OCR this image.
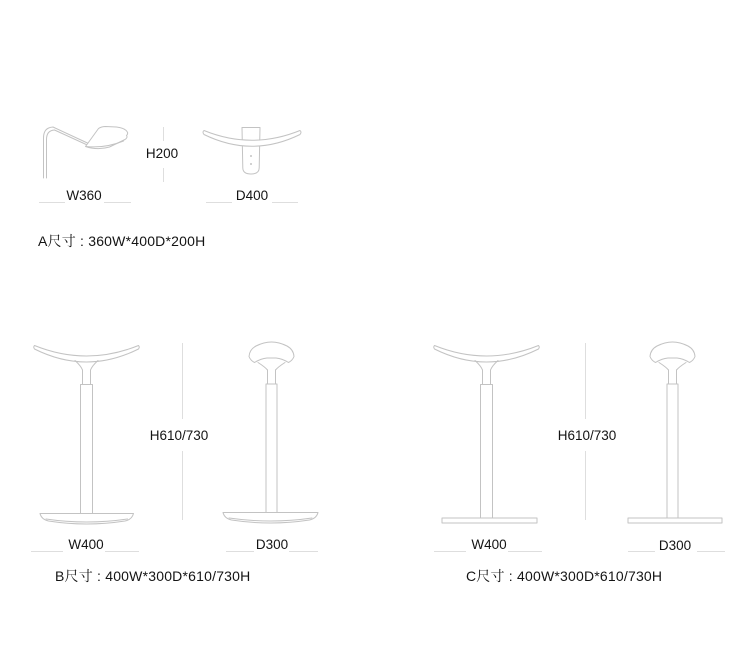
H200
W360	D400
A尺寸 : 360W*400D*200H
H610/730
W400	D300
B尺寸 : 400W*300D*610/730H
H610/730
W400	D300
C尺寸 : 400W*300D*610/730H
